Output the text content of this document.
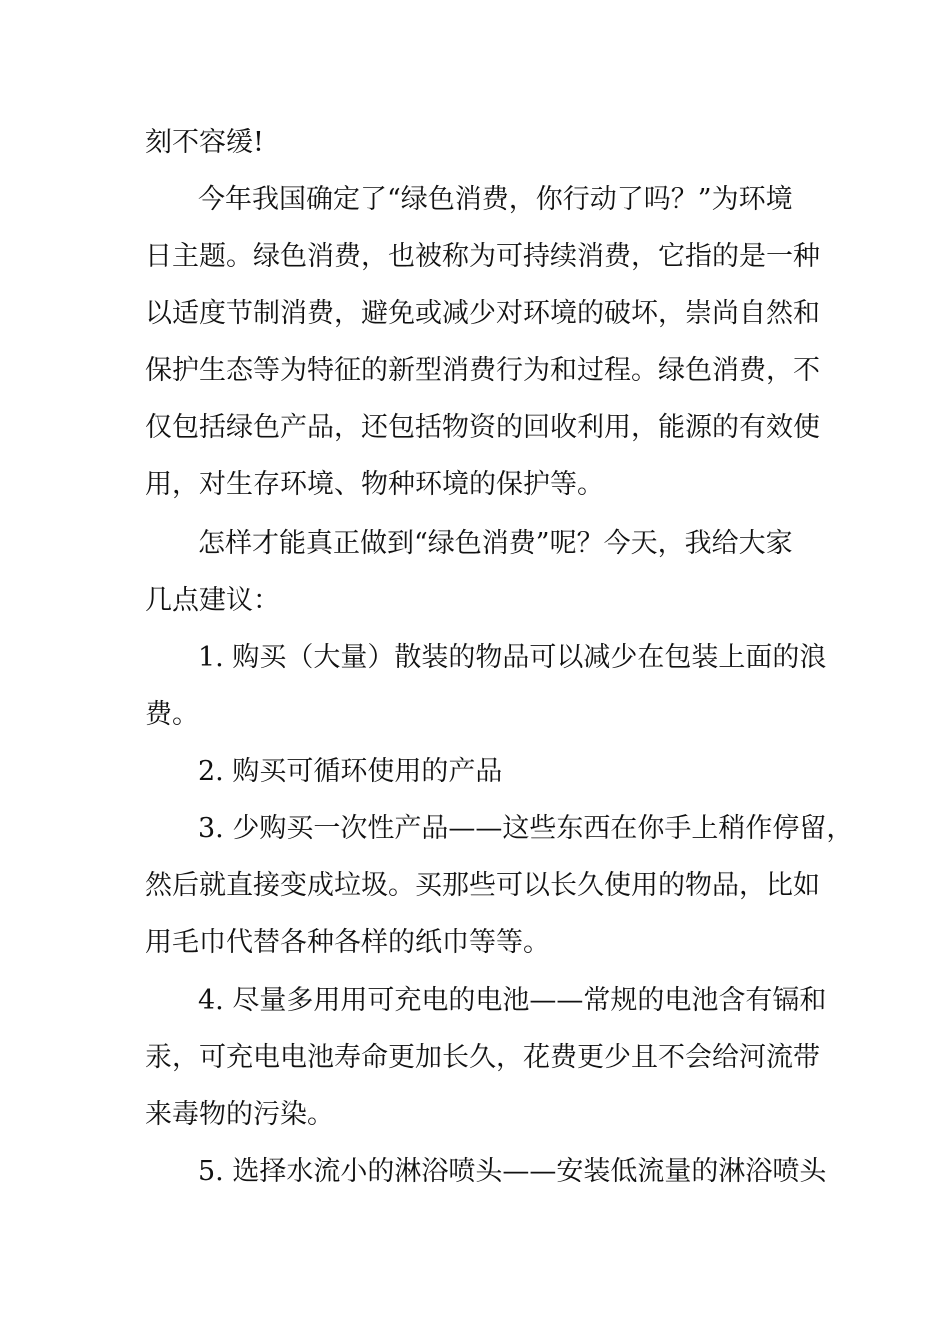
刻不容缓!
今年我国确定了“绿色消费，你行动了吗？”为环境
日主题。绿色消费，也被称为可持续消费，它指的是一种
以适度节制消费，避免或减少对环境的破坏，崇尚自然和
保护生态等为特征的新型消费行为和过程。绿色消费，不
仅包括绿色产品，还包括物资的回收利用，能源的有效使
用，对生存环境、物种环境的保护等。
怎样才能真正做到“绿色消费”呢？今天，我给大家
几点建议：
1. 购买（大量）散装的物品可以减少在包装上面的浪
费。
2. 购买可循环使用的产品
3. 少购买一次性产品——这些东西在你手上稍作停留，
然后就直接变成垃圾。买那些可以长久使用的物品，比如
用毛巾代替各种各样的纸巾等等。
4. 尽量多用用可充电的电池——常规的电池含有镉和
汞，可充电电池寿命更加长久，花费更少且不会给河流带
来毒物的污染。
5. 选择水流小的淋浴喷头——安装低流量的淋浴喷头
